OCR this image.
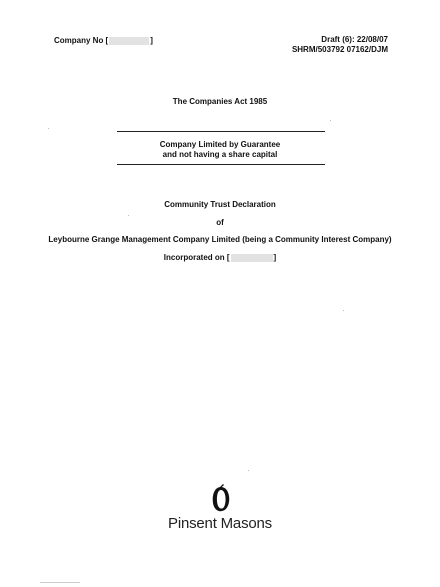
Company No [	]	Draft (6): 22/08/07
SHRM/503792 07162/DJM
The Companies Act 1985
Company Limited by Guarantee
and not having a share capital
Community Trust Declaration
of
Leybourne Grange Management Company Limited (being a Community Interest Company)
Incorporated on [	]
Pinsent Masons
